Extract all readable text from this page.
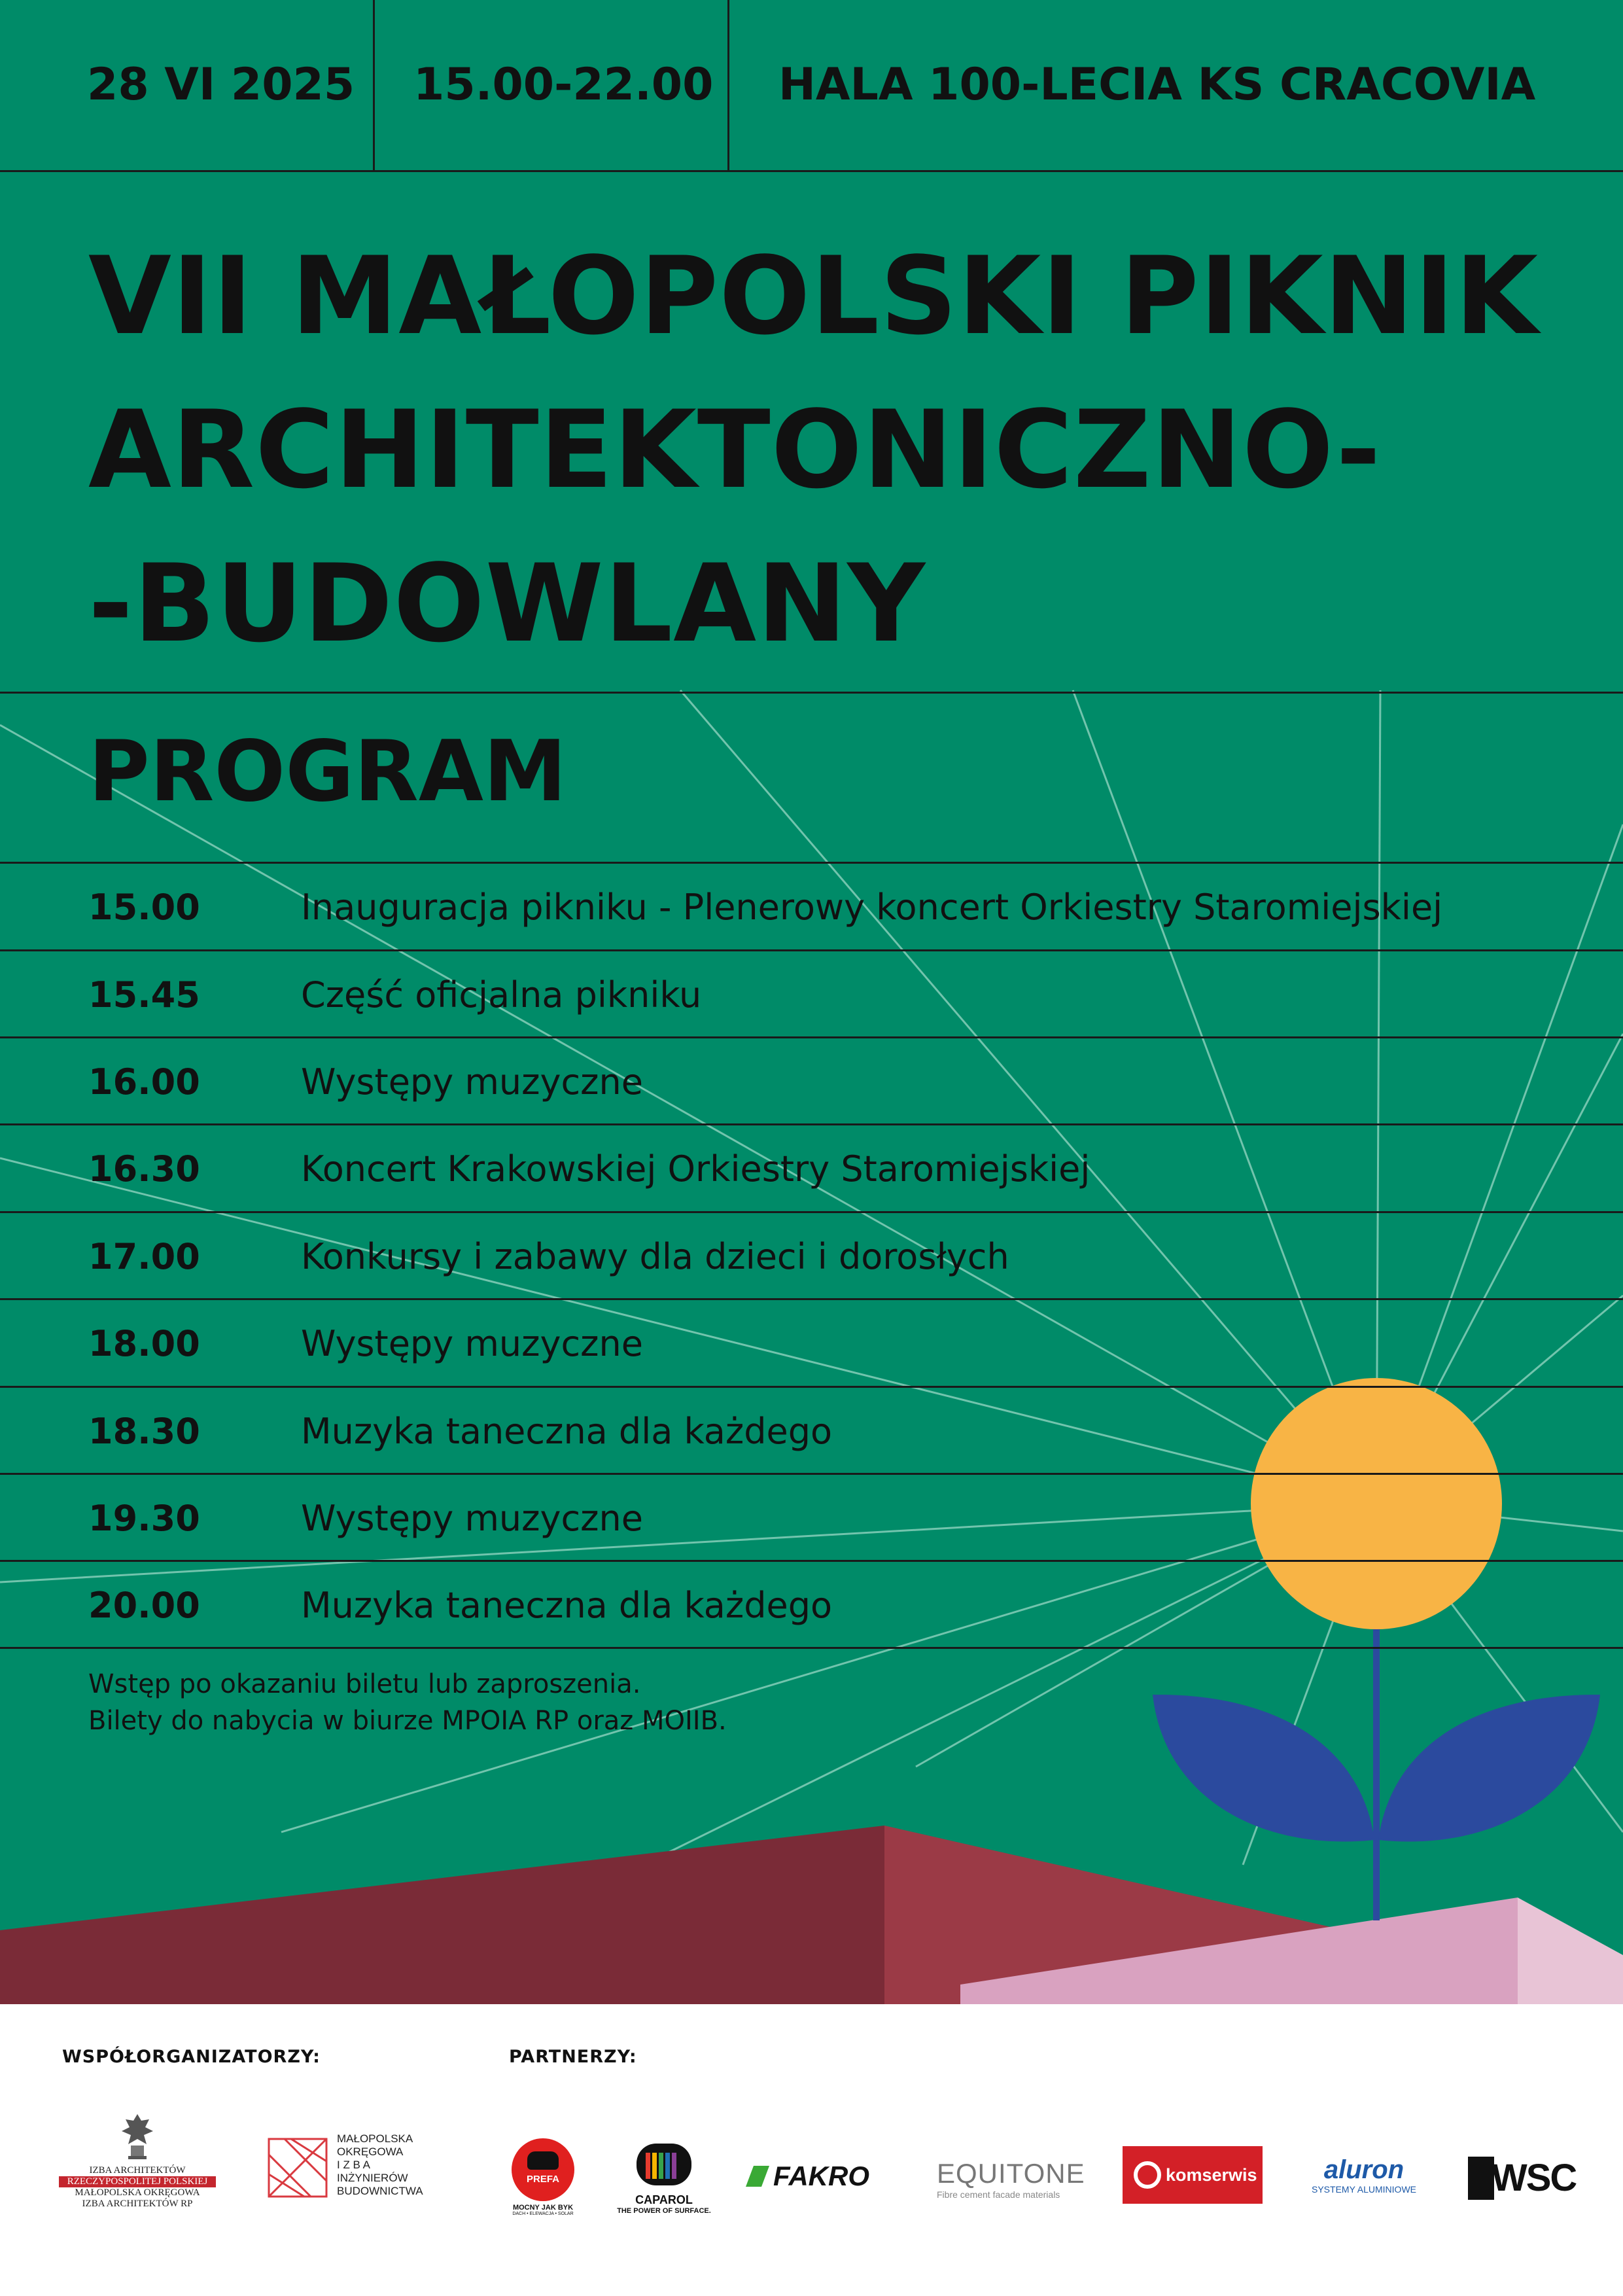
28 VI 2025 15.00-22.00 HALA 100-LECIA KS CRACOVIA
VII MAŁOPOLSKI PIKNIK
ARCHITEKTONICZNO-
-BUDOWLANY
PROGRAM
15.00	Inauguracja pikniku - Plenerowy koncert Orkiestry Staromiejskiej
15.45	Część oficjalna pikniku
16.00	Występy muzyczne
16.30	Koncert Krakowskiej Orkiestry Staromiejskiej
17.00	Konkursy i zabawy dla dzieci i dorosłych
18.00	Występy muzyczne
18.30	Muzyka taneczna dla każdego
19.30	Występy muzyczne
20.00	Muzyka taneczna dla każdego
Wstęp po okazaniu biletu lub zaproszenia.
Bilety do nabycia w biurze MPOIA RP oraz MOIIB.
WSPÓŁORGANIZATORZY:	PARTNERZY:
IZBA ARCHITEKTÓW
RZECZYPOSPOLITEJ POLSKIEJ
MAŁOPOLSKA OKRĘGOWA
IZBA ARCHITEKTÓW RP
MAŁOPOLSKA
OKRĘGOWA
I Z B A
INŻYNIERÓW
BUDOWNICTWA
PREFA
MOCNY JAK BYK
DACH • ELEWACJA • SOLAR
CAPAROL
THE POWER OF SURFACE.
FAKRO EQUITONE
Fibre cement facade materials
komserwis	aluron
SYSTEMY ALUMINIOWE WSC
